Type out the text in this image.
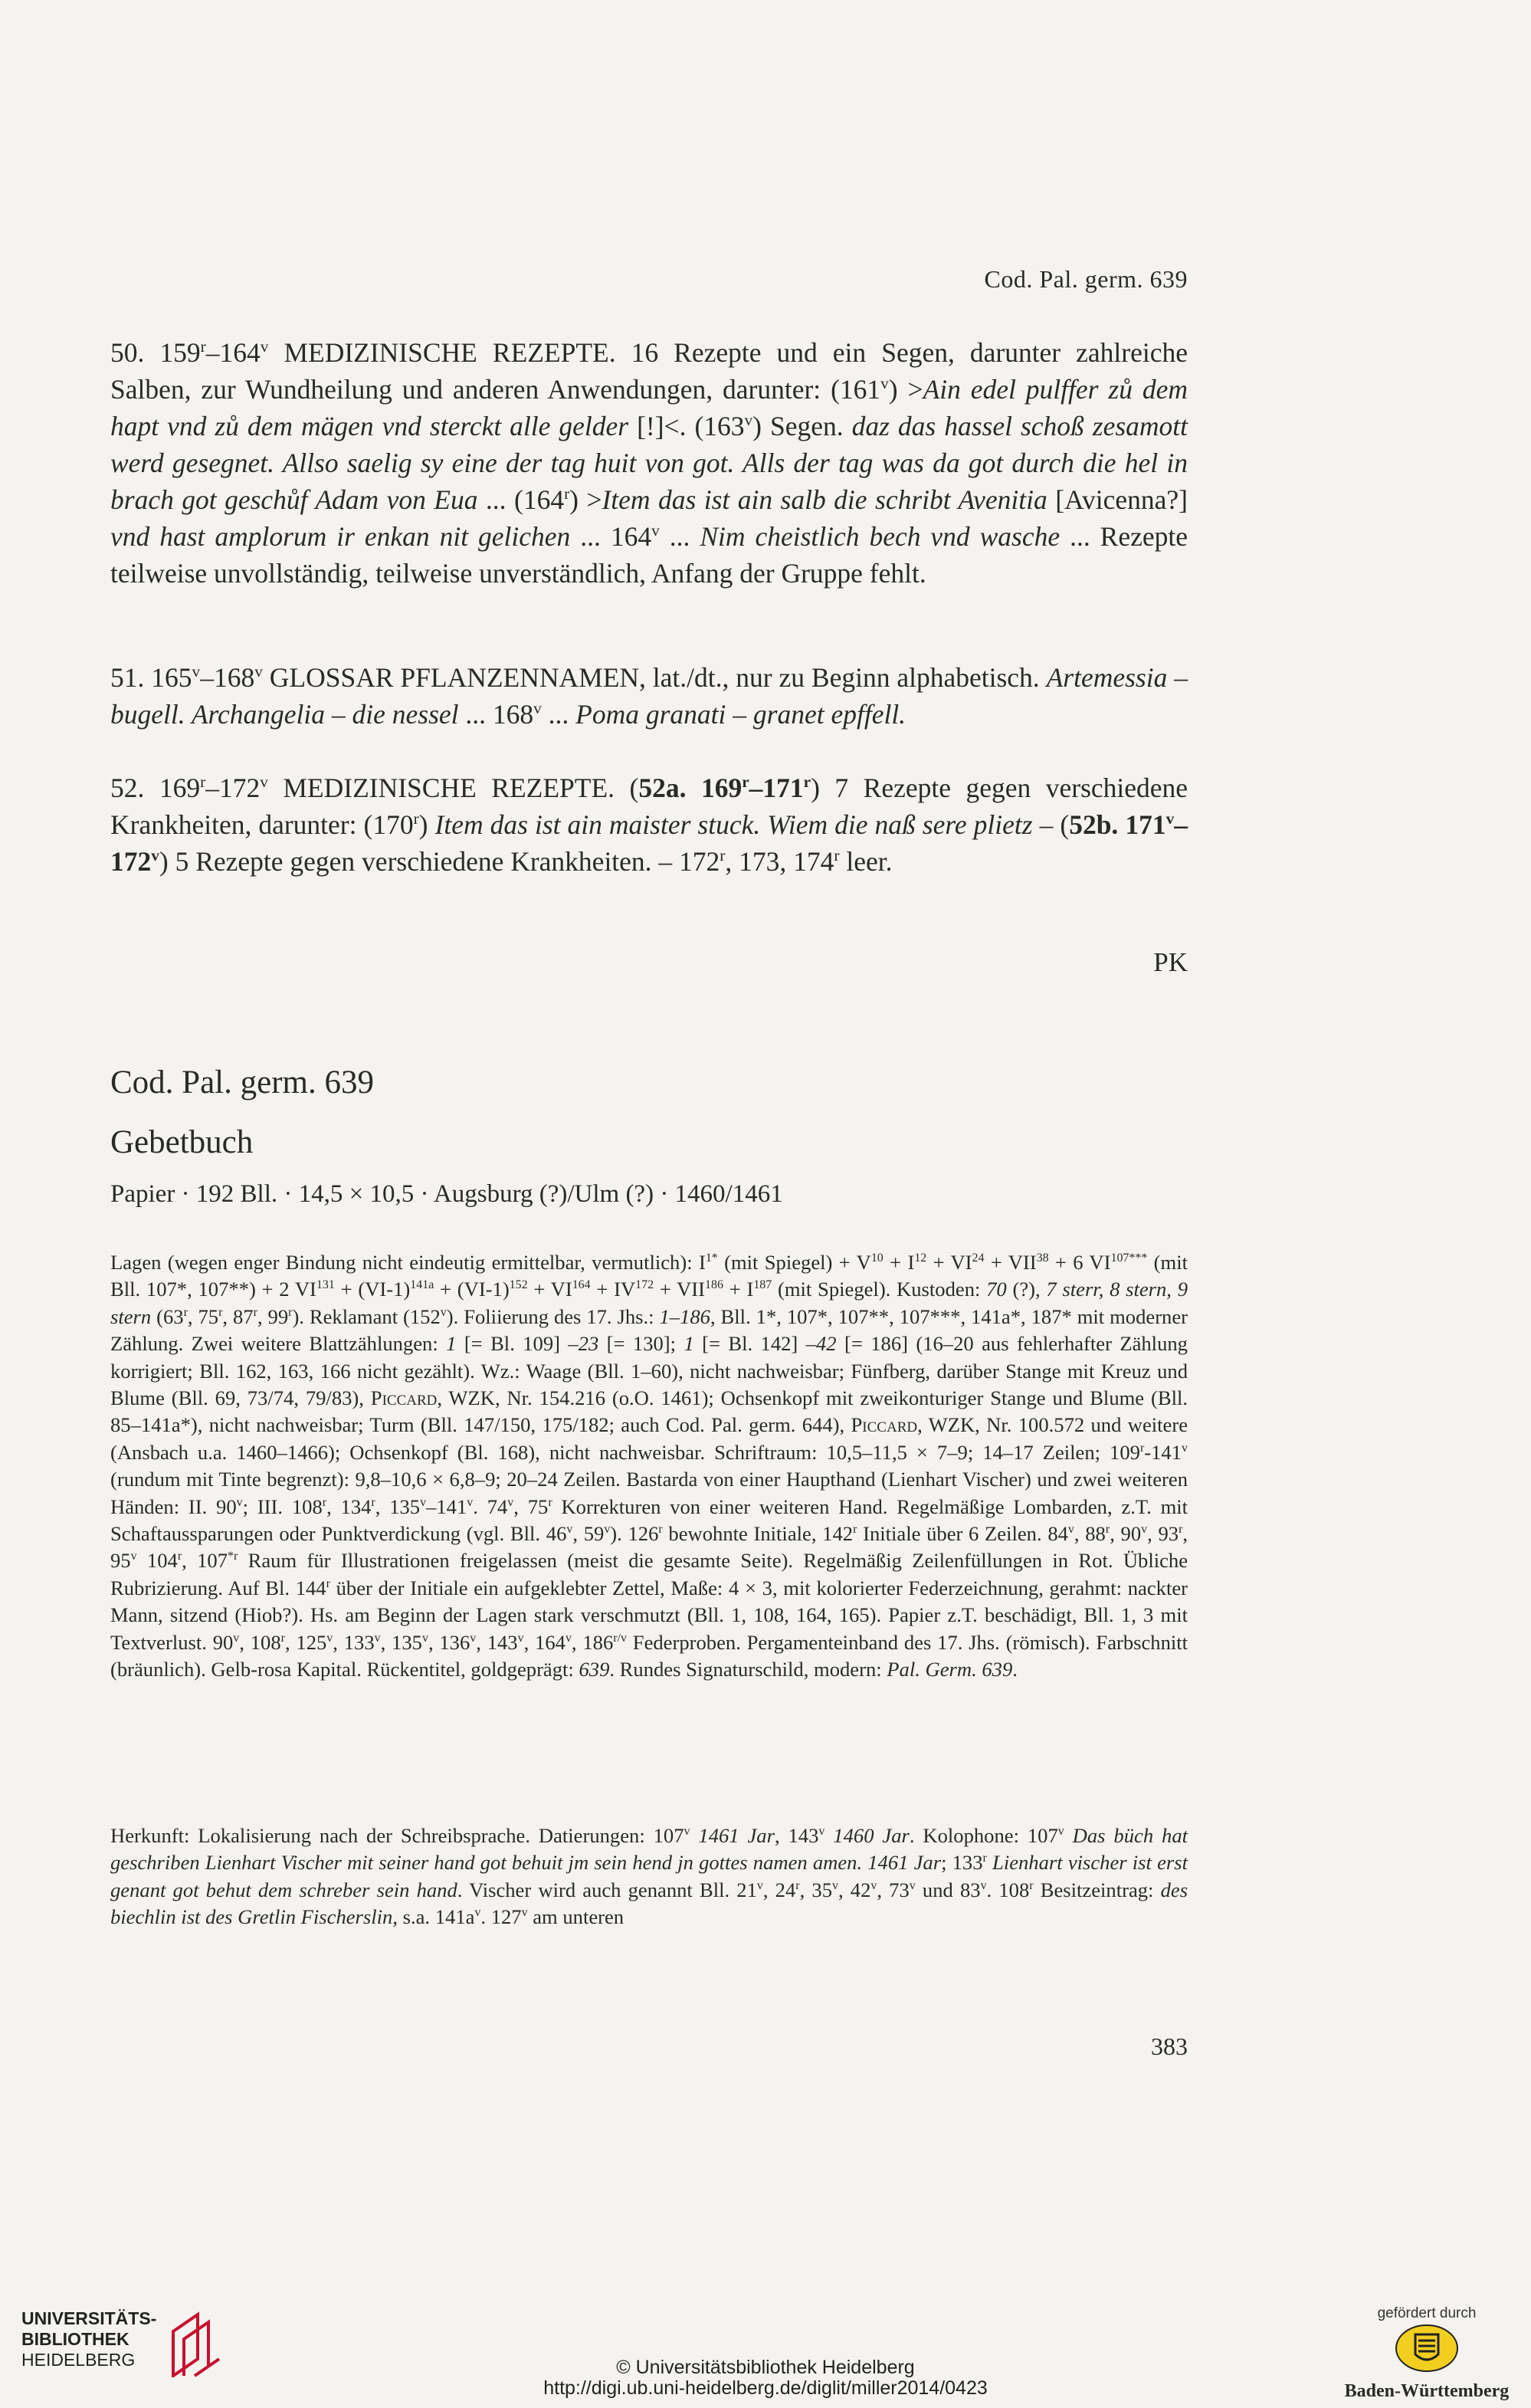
Cod. Pal. germ. 639

50. 159$^r$–164$^v$ MEDIZINISCHE REZEPTE. 16 Rezepte und ein Segen, darunter zahlreiche Salben, zur Wundheilung und anderen Anwendungen, darunter: $(161^v) >Ain$ edel pulffer zů dem hapt vnd zů dem mägen vnd sterckt alle gelder [!]<. (163$^v$) Segen. daz das hassel schoß zesamott werd gesegnet. Allso saelig sy eine der tag huit von got. Alls der tag was da got durch die hel in brach got geschůf Adam von Eua ... $(164^r)$ >Item das ist ain salb die schribt Avenitia [Avicenna?] vnd hast amplorum ir enkan nit gelichen ... 164$^v$ ... Nim cheistlich bech vnd wasche ... Rezepte teilweise unvollständig, teilweise unverständlich, Anfang der Gruppe fehlt.

51. 165$^v$–168$^v$ GLOSSAR PFLANZENNAMEN, lat./dt., nur zu Beginn alphabetisch. Artemessia – bugell. Archangelia – die nessel ... 168$^v$ ... Poma granati – granet epffell.

52. 169$^r$–172$^v$ MEDIZINISCHE REZEPTE. (52a. 169$^r$–171$^r$) 7 Rezepte gegen verschiedene Krankheiten, darunter: (170$^r$) Item das ist ain maister stuck. Wiem die naß sere plietz – (52b. 171$^v$–172$^v$) 5 Rezepte gegen verschiedene Krankheiten. – 172$^r$, 173, 174$^r$ leer.

PK
Cod. Pal. germ. 639
Gebetbuch
Papier · 192 Bll. · 14,5 × 10,5 · Augsburg (?)/Ulm (?) · 1460/1461

Lagen (wegen enger Bindung nicht eindeutig ermittelbar, vermutlich): $I^{1*}$ (mit Spiegel) + $V^{10} + I^{12} + VI^{24} + VII^{38} + 6$ $VI^{107***}$ (mit Bll. 107*, 107**) + 2 $VI^{131} + (VI-1)^{141a} + (VI-1)^{152} + VI^{164} + IV^{172} + VII^{186} + I^{187}$ (mit Spiegel). Kustoden: 70 (?), 7 sterr, 8 stern, 9 stern (63$^r$, 75$^r$, 87$^r$, 99$^r$). Reklamant (152$^v$). Foliierung des 17. Jhs.: 1–186, Bll. 1*, 107*, 107**, 107***, 141a*, 187* mit moderner Zählung. Zwei weitere Blattzählungen: 1 [= Bl. 109] –23 [= 130]; 1 [= Bl. 142] –42 [= 186] (16–20 aus fehlerhafter Zählung korrigiert; Bll. 162, 163, 166 nicht gezählt). Wz.: Waage (Bll. 1–60), nicht nachweisbar; Fünfberg, darüber Stange mit Kreuz und Blume (Bll. 69, 73/74, 79/83), Piccard, WZK, Nr. 154.216 (o.O. 1461); Ochsenkopf mit zweikonturiger Stange und Blume (Bll. 85–141a*), nicht nachweisbar; Turm (Bll. 147/150, 175/182; auch Cod. Pal. germ. 644), Piccard, WZK, Nr. 100.572 und weitere (Ansbach u.a. 1460–1466); Ochsenkopf (Bl. 168), nicht nachweisbar. Schriftraum: 10,5–11,5 × 7–9; 14–17 Zeilen; 109$^r$-141$^v$ (rundum mit Tinte begrenzt): 9,8–10,6 × 6,8–9; 20–24 Zeilen. Bastarda von einer Haupthand (Lienhart Vischer) und zwei weiteren Händen: II. 90$^v$; III. 108$^r$, 134$^r$, 135$^v$–141$^v$. 74$^v$, 75$^r$ Korrekturen von einer weiteren Hand. Regelmäßige Lombarden, z.T. mit Schaftaussparungen oder Punktverdickung (vgl. Bll. 46$^v$, 59$^v$). 126$^r$ bewohnte Initiale, 142$^r$ Initiale über 6 Zeilen. 84$^v$, 88$^r$, 90$^v$, 93$^r$, 95$^v$ 104$^r$, 107$^{*r}$ Raum für Illustrationen freigelassen (meist die gesamte Seite). Regelmäßig Zeilenfüllungen in Rot. Übliche Rubrizierung. Auf Bl. 144$^r$ über der Initiale ein aufgeklebter Zettel, Maße: 4 × 3, mit kolorierter Federzeichnung, gerahmt: nackter Mann, sitzend (Hiob?). Hs. am Beginn der Lagen stark verschmutzt (Bll. 1, 108, 164, 165). Papier z.T. beschädigt, Bll. 1, 3 mit Textverlust. 90$^v$, 108$^r$, 125$^v$, 133$^v$, 135$^v$, 136$^v$, 143$^v$, 164$^v$, $186^{r/v}$ Federproben. Pergamenteinband des 17. Jhs. (römisch). Farbschnitt (bräunlich). Gelb-rosa Kapital. Rückentitel, goldgeprägt: 639. Rundes Signaturschild, modern: Pal. Germ. 639.

Herkunft: Lokalisierung nach der Schreibsprache. Datierungen: 107$^v$ 1461 Jar, 143$^v$ 1460 Jar. Kolophone: 107$^v$ Das büch hat geschriben Lienhart Vischer mit seiner hand got behuit jm sein hend jn gottes namen amen. 1461 Jar; 133$^r$ Lienhart vischer ist erst genant got behut dem schreber sein hand. Vischer wird auch genannt Bll. 21$^v$, 24$^r$, 35$^v$, 42$^v$, 73$^v$ und 83$^v$. 108$^r$ Besitzeintrag: des biechlin ist des Gretlin Fischerslin, s.a. $141a^v$. 127$^v$ am unteren

383
UNIVERSITÄTS-
BIBLIOTHEK
HEIDELBERG	© Universitätsbibliothek Heidelberg
http://digi.ub.uni-heidelberg.de/diglit/miller2014/0423
gefördert durch
Baden-Württemberg
